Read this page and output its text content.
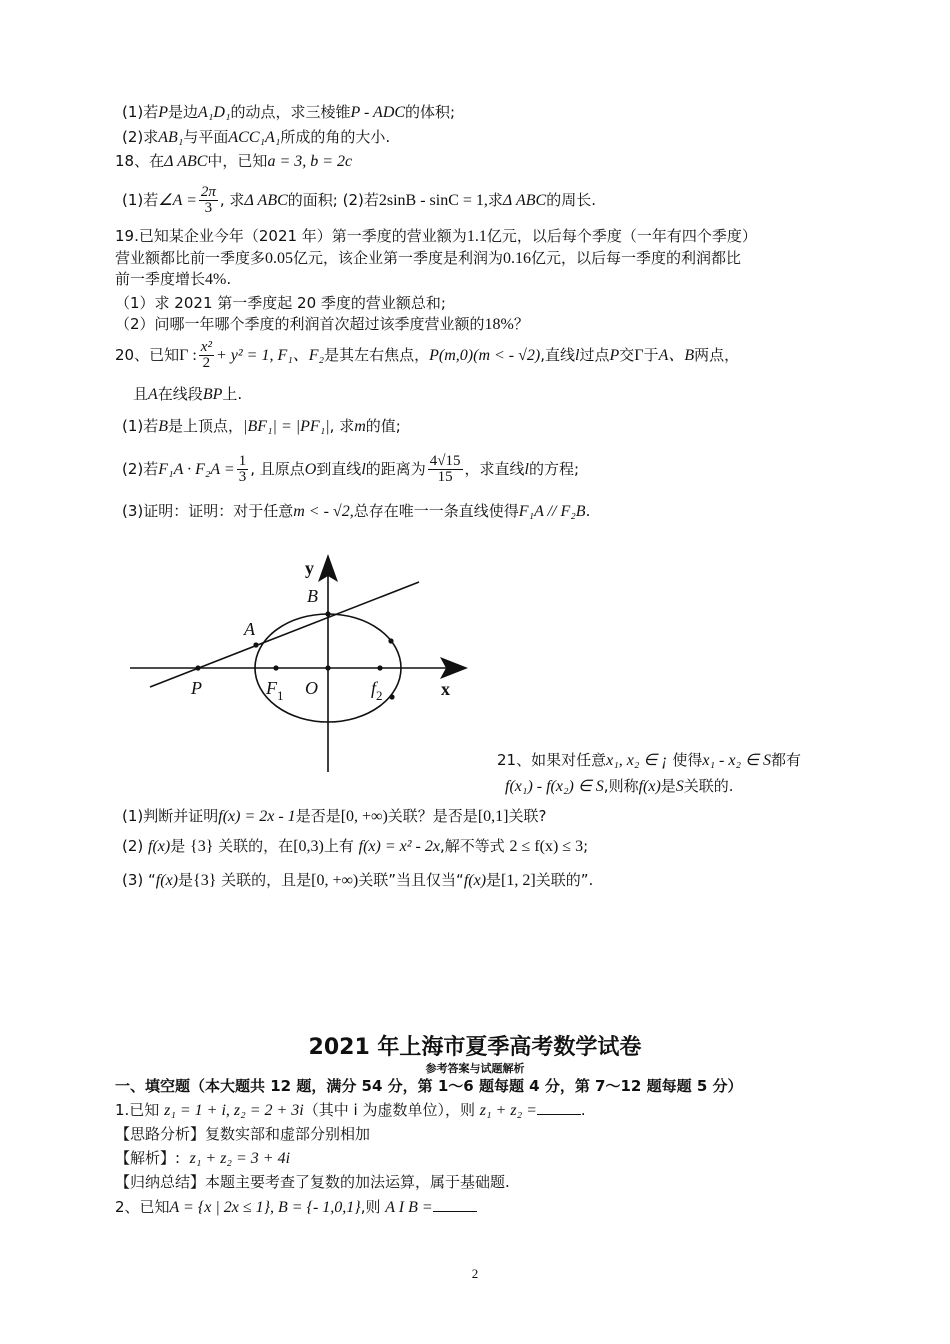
(1)若P是边A₁D₁的动点，求三棱锥P - ADC的体积;
(2)求AB₁与平面ACC₁A₁所成的角的大小.
18、在Δ ABC中，已知a = 3, b = 2c
(1)若∠A = $\frac{2\pi}{3}$ , 求Δ ABC的面积; (2)若2sinB - sinC = 1,求Δ ABC的周长.
19.已知某企业今年（2021 年）第一季度的营业额为1.1亿元，以后每个季度（一年有四个季度）
营业额都比前一季度多0.05亿元，该企业第一季度是利润为0.16亿元，以后每一季度的利润都比
前一季度增长4%.
（1）求 2021 第一季度起 20 季度的营业额总和;
（2）问哪一年哪个季度的利润首次超过该季度营业额的18%？
20、已知Γ : $\frac{\text{x²}}{2} + y^2 = 1$, F₁、F₂是其左右焦点，P(m,0)(m < - √2),直线l过点P交Γ于A、B两点，
且A在线段BP上.
(1)若B是上顶点，|BF₁| = |PF₁|, 求m的值;
(2)若$F_1A \cdot F_2A = \frac{1}{3}$ , 且原点O到直线l的距离为 $\frac{4√15}{15}$ ，求直线l的方程;
(3)证明：证明：对于任意m < - √2,总存在唯一一条直线使得F₁A // F₂B.
y
B
A
P	$F_1$ O	$f_2$	x
21、如果对任意x₁, x₂ ∈ ¡ 使得x₁ - x₂ ∈ S都有
f(x₁) - f(x₂) ∈ S,则称f(x)是S关联的.
(1)判断并证明f(x) = 2x - 1是否是[0, +∞)关联？是否是[0,1]关联?
(2) f(x)是 {3} 关联的，在[0,3)上有 f(x) = x² - 2x,解不等式 2 ≤ f(x) ≤ 3;
(3) “f(x)是{3} 关联的，且是[0, +∞)关联”当且仅当“f(x)是[1, 2]关联的”.
2021 年上海市夏季高考数学试卷
参考答案与试题解析
一、填空题（本大题共 12 题，满分 54 分，第 1～6 题每题 4 分，第 7～12 题每题 5 分）
1.已知 z₁ = 1 + i, z₂ = 2 + 3i（其中 i 为虚数单位），则 z₁ + z₂ =	.
【思路分析】复数实部和虚部分别相加
【解析】: z₁ + z₂ = 3 + 4i
【归纳总结】本题主要考查了复数的加法运算，属于基础题.
2、已知A = {x | 2x ≤ 1}, B = {- 1,0,1},则 A I B =
2
